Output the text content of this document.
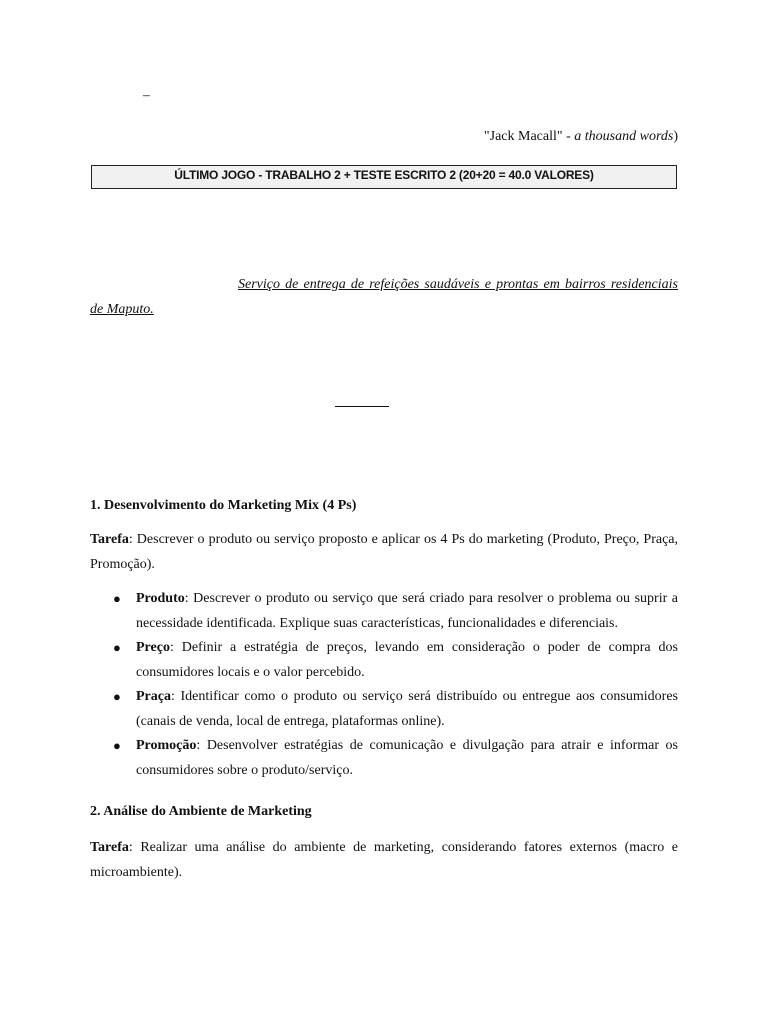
–
"Jack Macall" - a thousand words)
ÚLTIMO JOGO - TRABALHO 2 + TESTE ESCRITO 2 (20+20 = 40.0 VALORES)
Serviço de entrega de refeições saudáveis e prontas em bairros residenciais de Maputo.

1. Desenvolvimento do Marketing Mix (4 Ps)

Tarefa: Descrever o produto ou serviço proposto e aplicar os 4 Ps do marketing (Produto, Preço, Praça, Promoção).

● Produto: Descrever o produto ou serviço que será criado para resolver o problema ou suprir a necessidade identificada. Explique suas características, funcionalidades e diferenciais.
● Preço: Definir a estratégia de preços, levando em consideração o poder de compra dos consumidores locais e o valor percebido.
● Praça: Identificar como o produto ou serviço será distribuído ou entregue aos consumidores (canais de venda, local de entrega, plataformas online).
● Promoção: Desenvolver estratégias de comunicação e divulgação para atrair e informar os consumidores sobre o produto/serviço.

2. Análise do Ambiente de Marketing

Tarefa: Realizar uma análise do ambiente de marketing, considerando fatores externos (macro e microambiente).
